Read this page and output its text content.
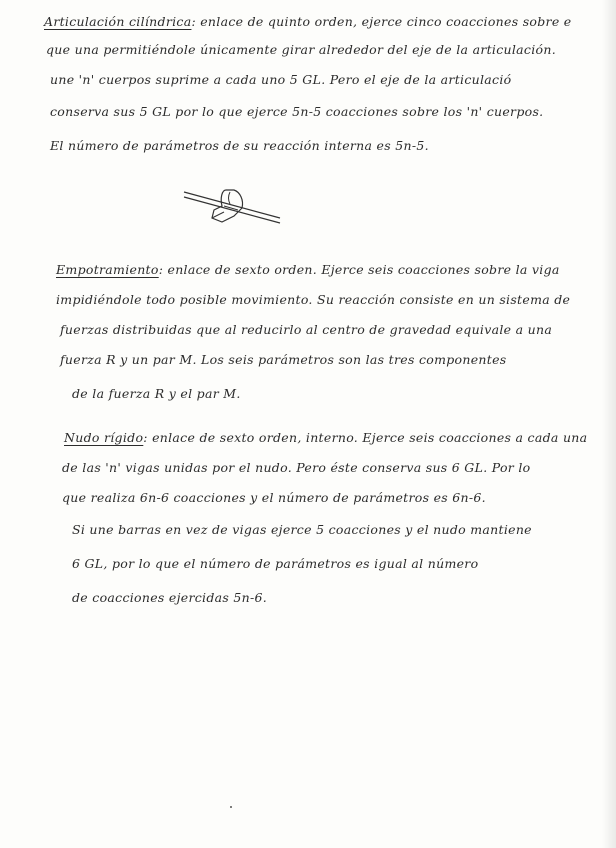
Articulación cilíndrica: enlace de quinto orden, ejerce cinco coacciones sobre e
que una permitiéndole únicamente girar alrededor del eje de la articulación.
une 'n' cuerpos suprime a cada uno 5 GL. Pero el eje de la articulació
conserva sus 5 GL por lo que ejerce 5n-5 coacciones sobre los 'n' cuerpos.
El número de parámetros de su reacción interna es 5n-5.
Empotramiento: enlace de sexto orden. Ejerce seis coacciones sobre la viga
impidiéndole todo posible movimiento. Su reacción consiste en un sistema de
fuerzas distribuidas que al reducirlo al centro de gravedad equivale a una
fuerza R y un par M. Los seis parámetros son las tres componentes
de la fuerza R y el par M.
Nudo rígido: enlace de sexto orden, interno. Ejerce seis coacciones a cada una
de las 'n' vigas unidas por el nudo. Pero éste conserva sus 6 GL. Por lo
que realiza 6n-6 coacciones y el número de parámetros es 6n-6.
Si une barras en vez de vigas ejerce 5 coacciones y el nudo mantiene
6 GL, por lo que el número de parámetros es igual al número
de coacciones ejercidas 5n-6.
